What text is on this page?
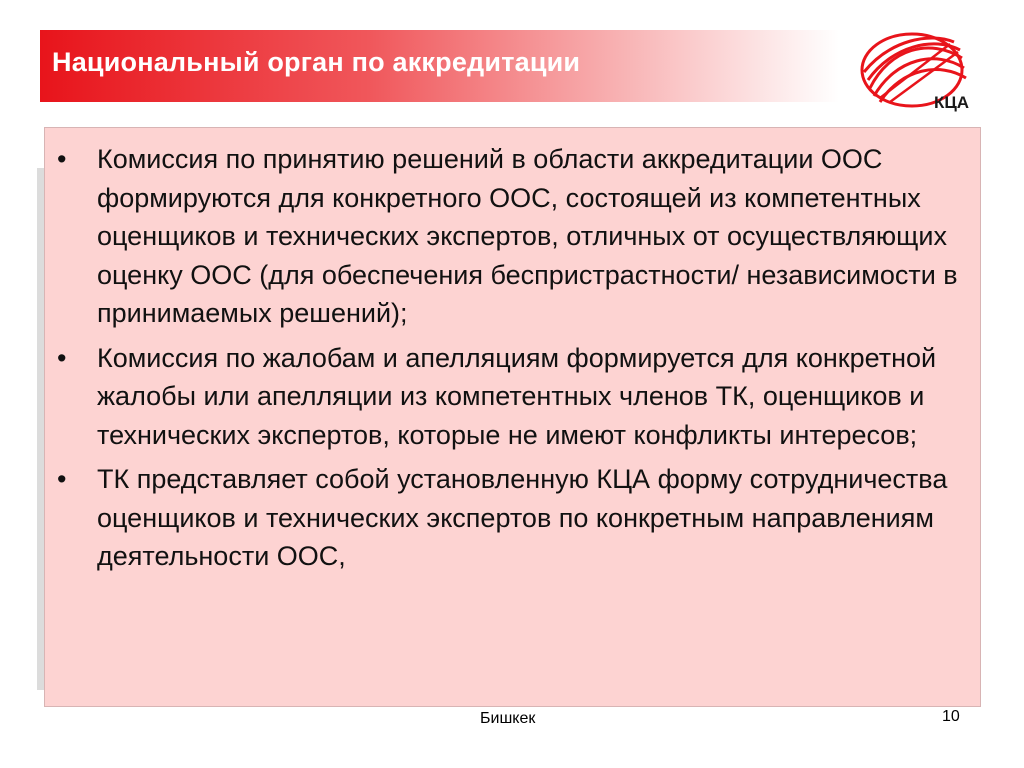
Национальный орган по аккредитации
КЦА
• Комиссия по принятию решений в области аккредитации ООС формируются для конкретного ООС, состоящей из компетентных оценщиков и технических экспертов, отличных от осуществляющих оценку ООС (для обеспечения беспристрастности/ независимости в принимаемых решений);
• Комиссия по жалобам и апелляциям формируется для конкретной жалобы или апелляции из компетентных членов ТК, оценщиков и технических экспертов, которые не имеют конфликты интересов;
• ТК представляет собой установленную КЦА форму сотрудничества оценщиков и технических экспертов по конкретным направлениям деятельности ООС,
Бишкек	10
